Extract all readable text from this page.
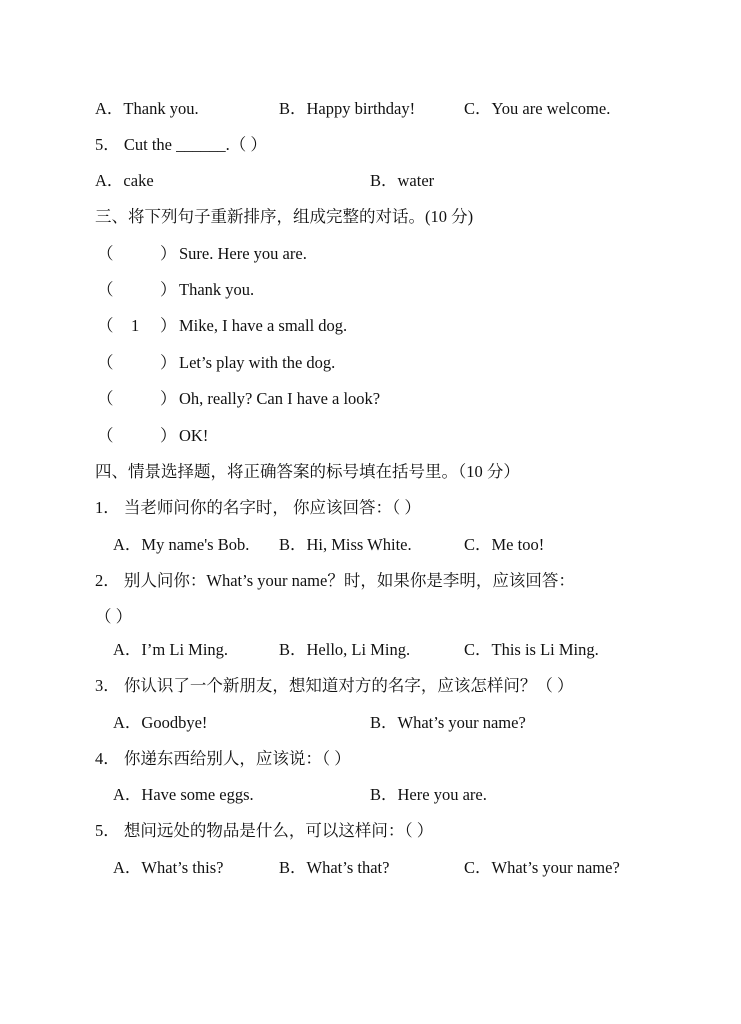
A．Thank you.	B．Happy birthday!	C．You are welcome.
5． Cut the ______.（ ）
A．cake	B．water
三、将下列句子重新排序，组成完整的对话。(10 分)
（	） Sure. Here you are.
（	） Thank you.
（ 1 ） Mike, I have a small dog.
（	） Let’s play with the dog.
（	） Oh, really? Can I have a look?
（	） OK!
四、情景选择题，将正确答案的标号填在括号里。（10 分）
1． 当老师问你的名字时， 你应该回答：（ ）
A．My name's Bob. B．Hi, Miss White.	C．Me too!
2． 别人问你：What’s your name？时，如果你是李明，应该回答：
（ ）
A．I’m Li Ming.	B．Hello, Li Ming.	C．This is Li Ming.
3． 你认识了一个新朋友，想知道对方的名字，应该怎样问？（ ）
A．Goodbye!	B．What’s your name?
4． 你递东西给别人，应该说：（ ）
A．Have some eggs.	B．Here you are.
5． 想问远处的物品是什么，可以这样问：（ ）
A．What’s this?	B．What’s that?	C．What’s your name?
